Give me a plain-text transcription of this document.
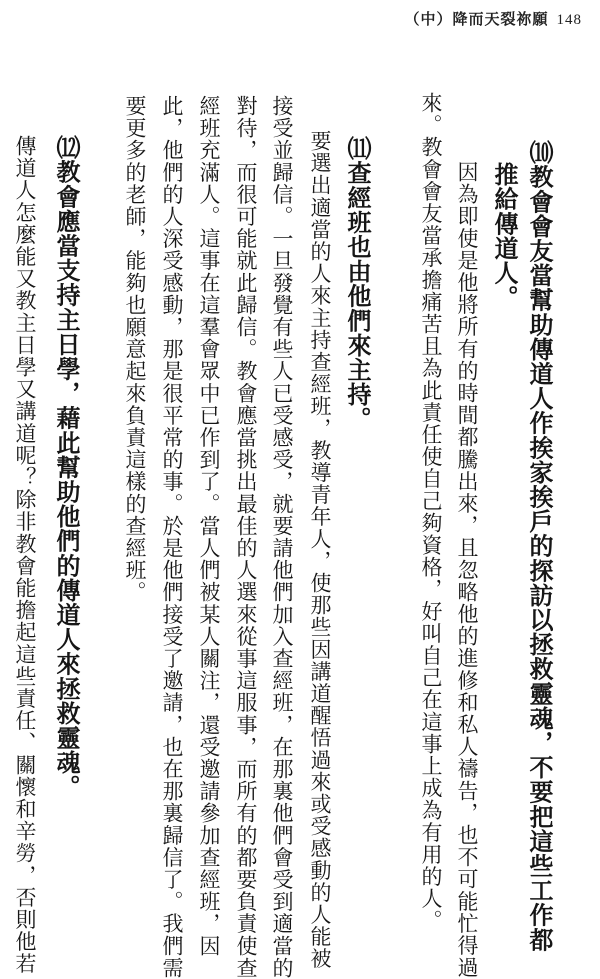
（中）降而天裂祢願 148
⑽教會會友當幫助傳道人作挨家挨戶的探訪以拯救靈魂，不要把這些工作都
推給傳道人。
因為即使是他將所有的時間都騰出來，且忽略他的進修和私人禱告，也不可能忙得過
來。教會會友當承擔痛苦且為此責任使自己夠資格，好叫自己在這事上成為有用的人。
⑾查經班也由他們來主持。
要選出適當的人來主持查經班，教導青年人，使那些因講道醒悟過來或受感動的人能被
接受並歸信。一旦發覺有些人已受感受，就要請他們加入查經班，在那裏他們會受到適當的
對待，而很可能就此歸信。教會應當挑出最佳的人選來從事這服事，而所有的都要負責使查
經班充滿人。這事在這羣會眾中已作到了。當人們被某人關注，還受邀請參加查經班，因
此，他們的人深受感動，那是很平常的事。於是他們接受了邀請，也在那裏歸信了。我們需
要更多的老師，能夠也願意起來負責這樣的查經班。
⑿教會應當支持主日學，藉此幫助他們的傳道人來拯救靈魂。
傳道人怎麼能又教主日學又講道呢？除非教會能擔起這些責任、關懷和辛勞，否則他若
